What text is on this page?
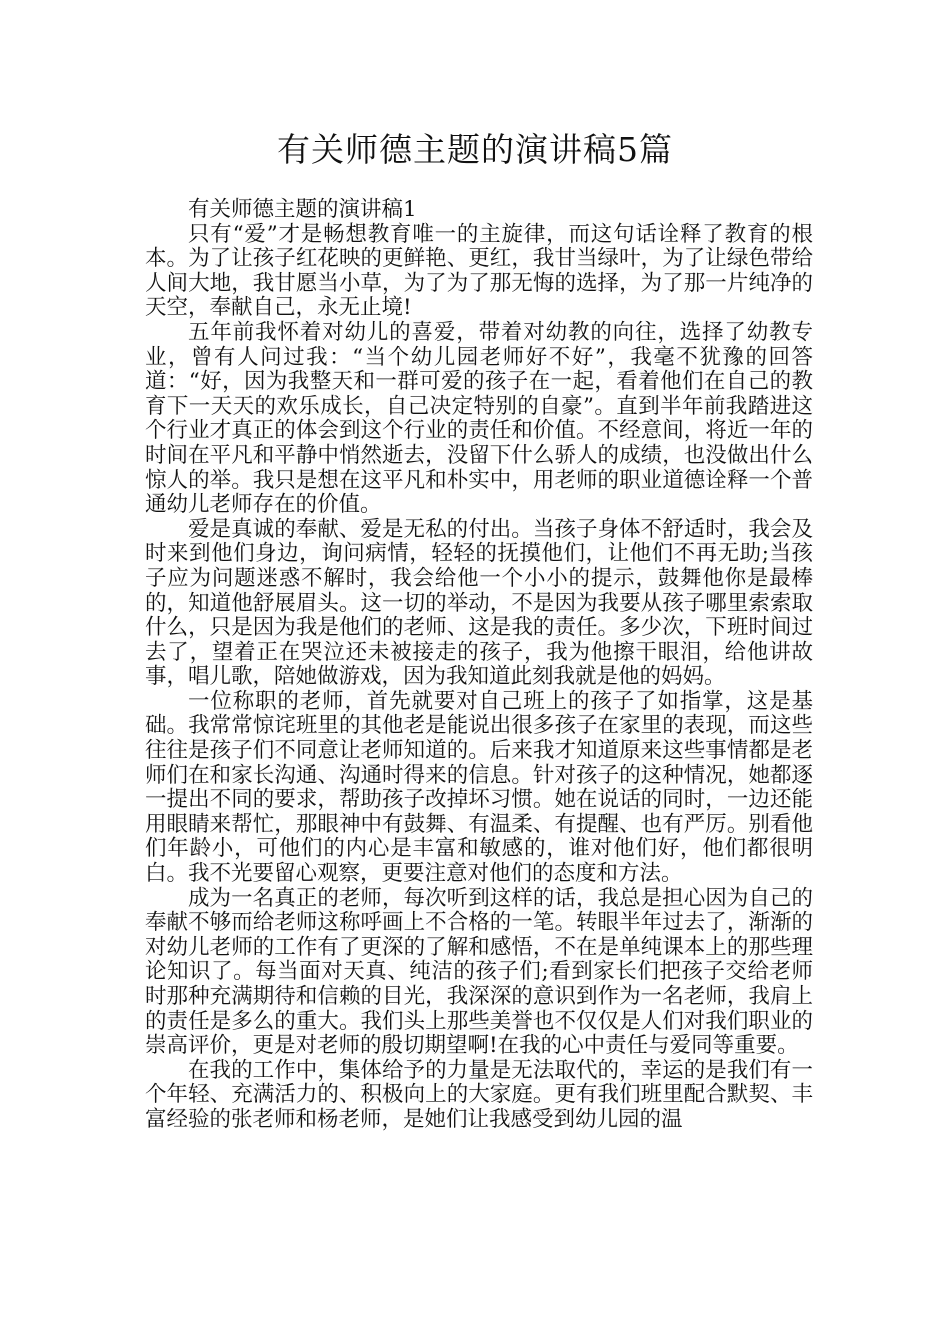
有关师德主题的演讲稿5篇

有关师德主题的演讲稿1

只有“爱”才是畅想教育唯一的主旋律，而这句话诠释了教育的根本。为了让孩子红花映的更鲜艳、更红，我甘当绿叶，为了让绿色带给人间大地，我甘愿当小草，为了为了那无悔的选择，为了那一片纯净的天空，奉献自己，永无止境!

五年前我怀着对幼儿的喜爱，带着对幼教的向往，选择了幼教专业，曾有人问过我：“当个幼儿园老师好不好”，我毫不犹豫的回答道：“好，因为我整天和一群可爱的孩子在一起，看着他们在自己的教育下一天天的欢乐成长，自己决定特别的自豪”。直到半年前我踏进这个行业才真正的体会到这个行业的责任和价值。不经意间，将近一年的时间在平凡和平静中悄然逝去，没留下什么骄人的成绩，也没做出什么惊人的举。我只是想在这平凡和朴实中，用老师的职业道德诠释一个普通幼儿老师存在的价值。

爱是真诚的奉献、爱是无私的付出。当孩子身体不舒适时，我会及时来到他们身边，询问病情，轻轻的抚摸他们，让他们不再无助;当孩子应为问题迷惑不解时，我会给他一个小小的提示，鼓舞他你是最棒的，知道他舒展眉头。这一切的举动，不是因为我要从孩子哪里索索取什么，只是因为我是他们的老师、这是我的责任。多少次，下班时间过去了，望着正在哭泣还未被接走的孩子，我为他擦干眼泪，给他讲故事，唱儿歌，陪她做游戏，因为我知道此刻我就是他的妈妈。

一位称职的老师，首先就要对自己班上的孩子了如指掌，这是基础。我常常惊诧班里的其他老是能说出很多孩子在家里的表现，而这些往往是孩子们不同意让老师知道的。后来我才知道原来这些事情都是老师们在和家长沟通、沟通时得来的信息。针对孩子的这种情况，她都逐一提出不同的要求，帮助孩子改掉坏习惯。她在说话的同时，一边还能用眼睛来帮忙，那眼神中有鼓舞、有温柔、有提醒、也有严厉。别看他们年龄小，可他们的内心是丰富和敏感的，谁对他们好，他们都很明白。我不光要留心观察，更要注意对他们的态度和方法。

成为一名真正的老师，每次听到这样的话，我总是担心因为自己的奉献不够而给老师这称呼画上不合格的一笔。转眼半年过去了，渐渐的对幼儿老师的工作有了更深的了解和感悟，不在是单纯课本上的那些理论知识了。每当面对天真、纯洁的孩子们;看到家长们把孩子交给老师时那种充满期待和信赖的目光，我深深的意识到作为一名老师，我肩上的责任是多么的重大。我们头上那些美誉也不仅仅是人们对我们职业的崇高评价，更是对老师的殷切期望啊!在我的心中责任与爱同等重要。

在我的工作中，集体给予的力量是无法取代的，幸运的是我们有一个年轻、充满活力的、积极向上的大家庭。更有我们班里配合默契、丰富经验的张老师和杨老师，是她们让我感受到幼儿园的温
